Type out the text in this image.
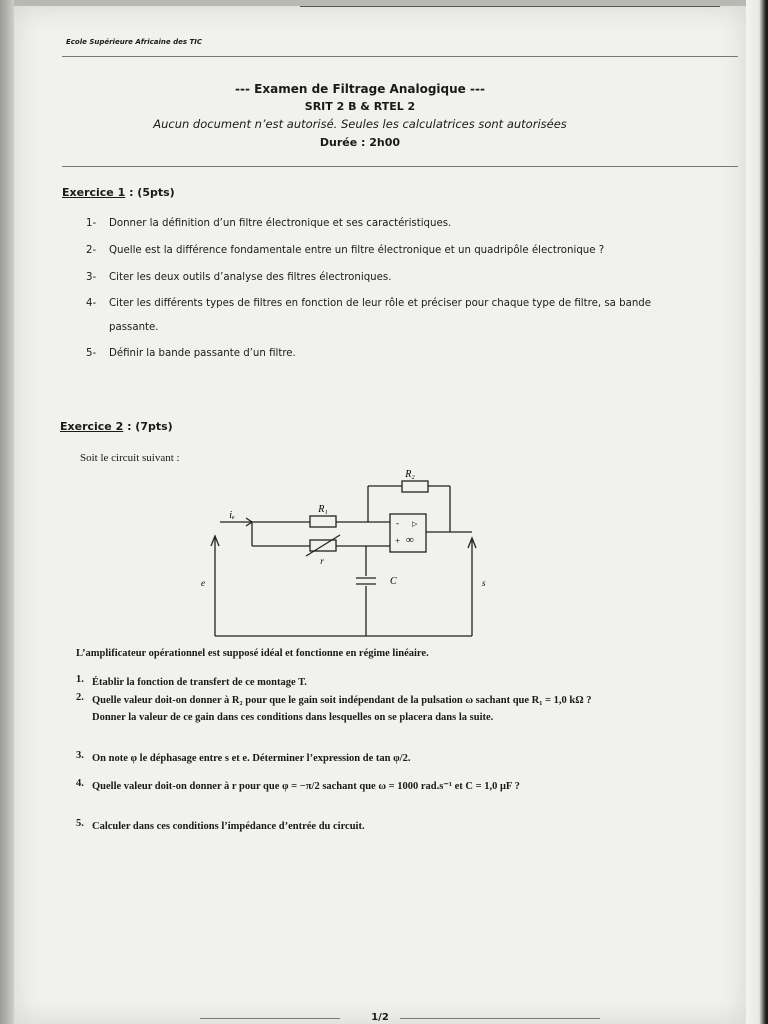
Ecole Supérieure Africaine des TIC
--- Examen de Filtrage Analogique ---
SRIT 2 B & RTEL 2
Aucun document n’est autorisé. Seules les calculatrices sont autorisées
Durée : 2h00
Exercice 1 : (5pts)
1- Donner la définition d’un filtre électronique et ses caractéristiques.
2- Quelle est la différence fondamentale entre un filtre électronique et un quadripôle électronique ?
3- Citer les deux outils d’analyse des filtres électroniques.
4- Citer les différents types de filtres en fonction de leur rôle et préciser pour chaque type de filtre, sa bande passante.
5- Définir la bande passante d’un filtre.
Exercice 2 : (7pts)
Soit le circuit suivant :
R₂
R₁
iₑ
r
C
e	s
- ▷
+ ∞
L’amplificateur opérationnel est supposé idéal et fonctionne en régime linéaire.
1. Établir la fonction de transfert de ce montage T.
2. Quelle valeur doit-on donner à R₂ pour que le gain soit indépendant de la pulsation ω sachant que R₁ = 1,0 kΩ ? Donner la valeur de ce gain dans ces conditions dans lesquelles on se placera dans la suite.
3. On note φ le déphasage entre s et e. Déterminer l’expression de tan φ/2.
4. Quelle valeur doit-on donner à r pour que φ = −π/2 sachant que ω = 1000 rad.s⁻¹ et C = 1,0 μF ?
5. Calculer dans ces conditions l’impédance d’entrée du circuit.
1/2
